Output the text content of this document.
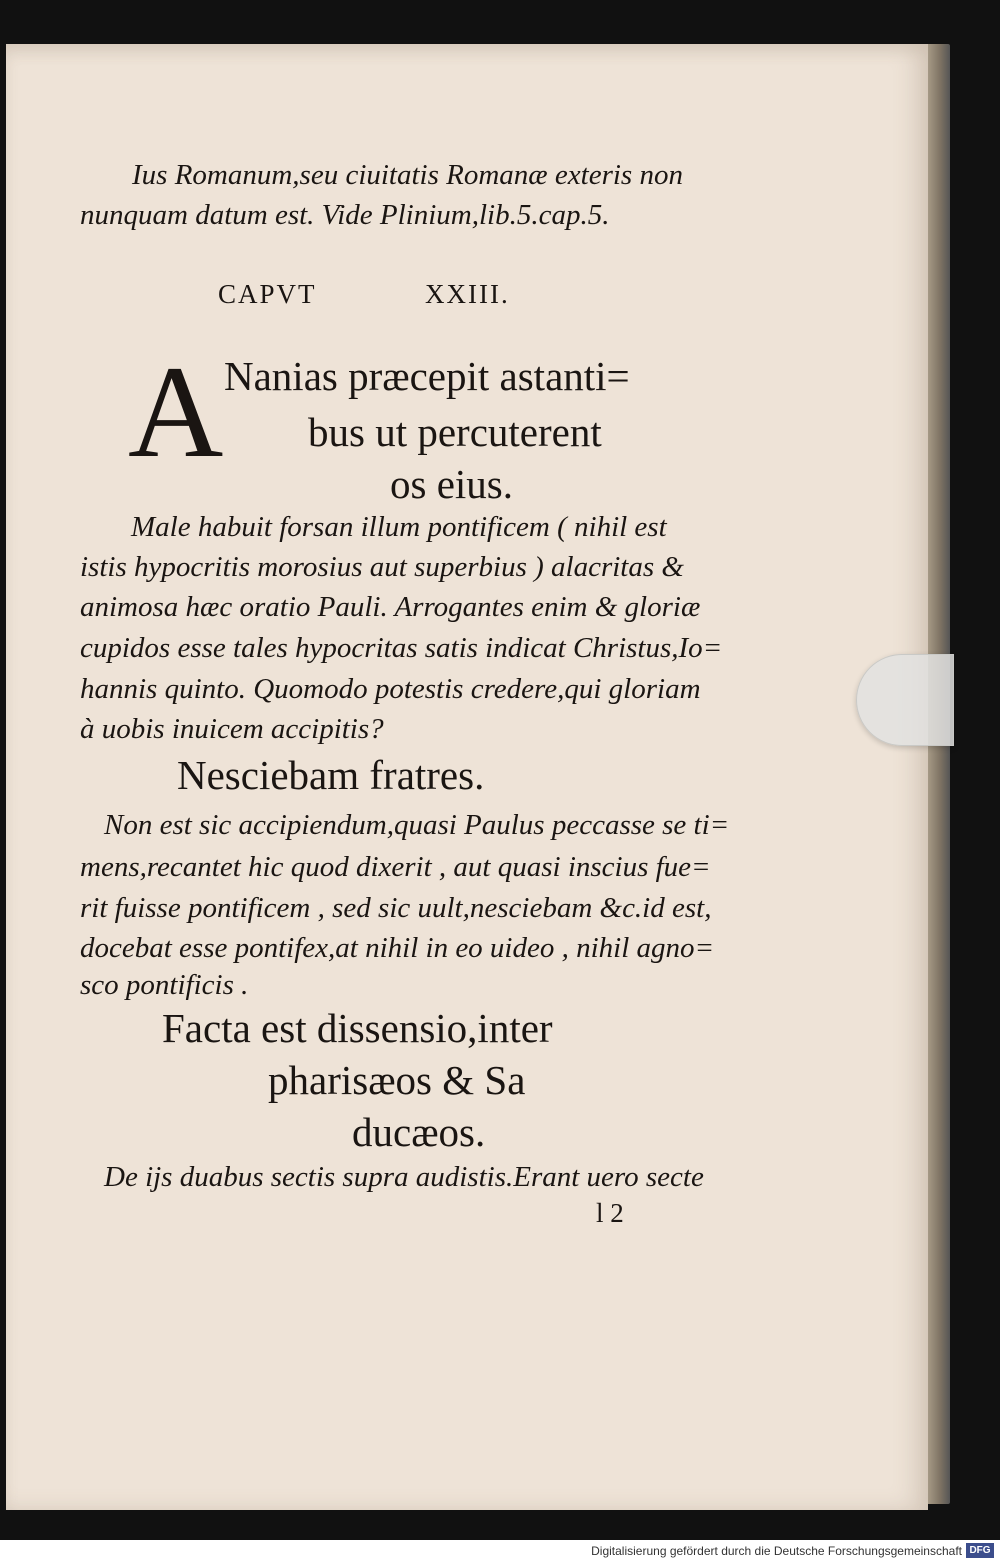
Ius Romanum,seu ciuitatis Romanæ exteris non
nunquam datum est. Vide Plinium,lib.5.cap.5.
CAPVT	XXIII.
A Nanias præcepit astanti=
bus ut percuterent
os eius.
Male habuit forsan illum pontificem ( nihil est
istis hypocritis morosius aut superbius ) alacritas &
animosa hæc oratio Pauli. Arrogantes enim & gloriæ
cupidos esse tales hypocritas satis indicat Christus,Io=
hannis quinto. Quomodo potestis credere,qui gloriam
à uobis inuicem accipitis?
Nesciebam fratres.
Non est sic accipiendum,quasi Paulus peccasse se ti=
mens,recantet hic quod dixerit , aut quasi inscius fue=
rit fuisse pontificem , sed sic uult,nesciebam &c.id est,
docebat esse pontifex,at nihil in eo uideo , nihil agno=
sco pontificis .
Facta est dissensio,inter
pharisæos & Sa
ducæos.
De ijs duabus sectis supra audistis.Erant uero secte
l 2
Digitalisierung gefördert durch die Deutsche Forschungsgemeinschaft DFG
